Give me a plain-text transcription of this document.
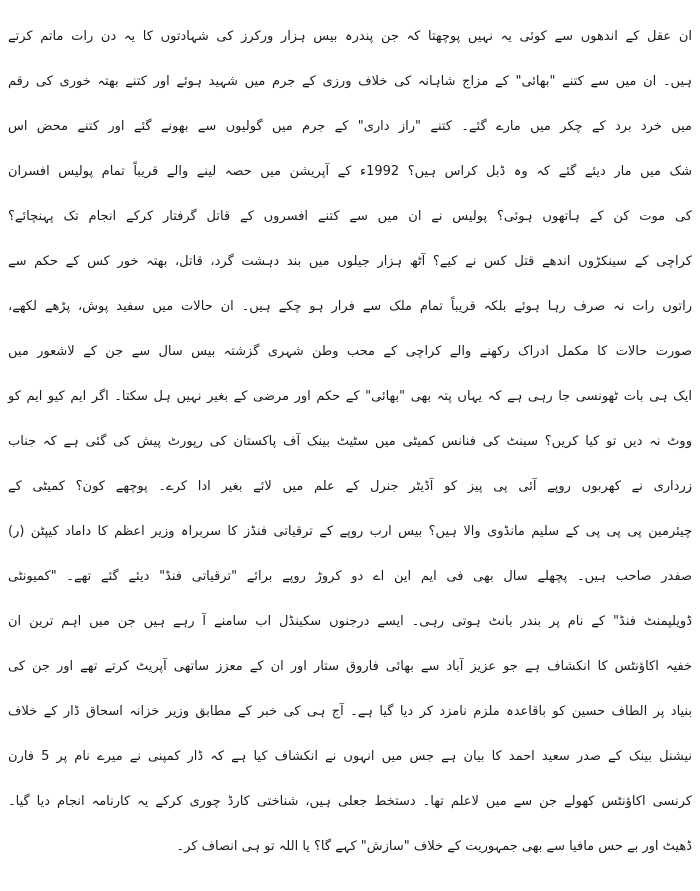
ان عقل کے اندھوں سے کوئی یہ نہیں پوچھتا کہ جن پندرہ بیس ہزار ورکرز کی شہادتوں کا یہ دن رات ماتم کرتے
ہیں۔ ان میں سے کتنے "بھائی" کے مزاج شاہانہ کی خلاف ورزی کے جرم میں شہید ہوئے اور کتنے بھتہ خوری کی رقم
میں خرد برد کے چکر میں مارے گئے۔ کتنے "راز داری" کے جرم میں گولیوں سے بھونے گئے اور کتنے محض اس
شک میں مار دیئے گئے کہ وہ ڈبل کراس ہیں؟ 1992ء کے آپریشن میں حصہ لینے والے قریباً تمام پولیس افسران
کی موت کن کے ہاتھوں ہوئی؟ پولیس نے ان میں سے کتنے افسروں کے قاتل گرفتار کرکے انجام تک پہنچائے؟
کراچی کے سینکڑوں اندھے قتل کس نے کیے؟ آٹھ ہزار جیلوں میں بند دہشت گرد، قاتل، بھتہ خور کس کے حکم سے
راتوں رات نہ صرف رہا ہوئے بلکہ قریباً تمام ملک سے فرار ہو چکے ہیں۔ ان حالات میں سفید پوش، پڑھے لکھے،
صورت حالات کا مکمل ادراک رکھنے والے کراچی کے محب وطن شہری گزشتہ بیس سال سے جن کے لاشعور میں
ایک ہی بات ٹھونسی جا رہی ہے کہ یہاں پتہ بھی "بھائی" کے حکم اور مرضی کے بغیر نہیں ہل سکتا۔ اگر ایم کیو ایم کو
ووٹ نہ دیں تو کیا کریں؟ سینٹ کی فنانس کمیٹی میں سٹیٹ بینک آف پاکستان کی رپورٹ پیش کی گئی ہے کہ جناب
زرداری نے کھربوں روپے آئی پی پیز کو آڈیٹر جنرل کے علم میں لائے بغیر ادا کرے۔ پوچھے کون؟ کمیٹی کے
چیئرمین پی پی پی کے سلیم مانڈوی والا ہیں؟ بیس ارب روپے کے ترقیاتی فنڈز کا سربراہ وزیر اعظم کا داماد کیپٹن (ر)
صفدر صاحب ہیں۔ پچھلے سال بھی فی ایم این اے دو کروڑ روپے برائے "ترقیاتی فنڈ" دیئے گئے تھے۔ "کمیونٹی
ڈویلپمنٹ فنڈ" کے نام پر بندر بانٹ ہوتی رہی۔ ایسے درجنوں سکینڈل اب سامنے آ رہے ہیں جن میں اہم ترین ان
خفیہ اکاؤنٹس کا انکشاف ہے جو عزیز آباد سے بھائی فاروق ستار اور ان کے معزز ساتھی آپریٹ کرتے تھے اور جن کی
بنیاد پر الطاف حسین کو باقاعدہ ملزم نامزد کر دیا گیا ہے۔ آج ہی کی خبر کے مطابق وزیر خزانہ اسحاق ڈار کے خلاف
نیشنل بینک کے صدر سعید احمد کا بیان ہے جس میں انہوں نے انکشاف کیا ہے کہ ڈار کمپنی نے میرے نام پر 5 فارن
کرنسی اکاؤنٹس کھولے جن سے میں لاعلم تھا۔ دستخط جعلی ہیں، شناختی کارڈ چوری کرکے یہ کارنامہ انجام دیا گیا۔
ڈھیٹ اور بے حس مافیا سے بھی جمہوریت کے خلاف "سازش" کہے گا؟ یا اللہ تو ہی انصاف کر۔
